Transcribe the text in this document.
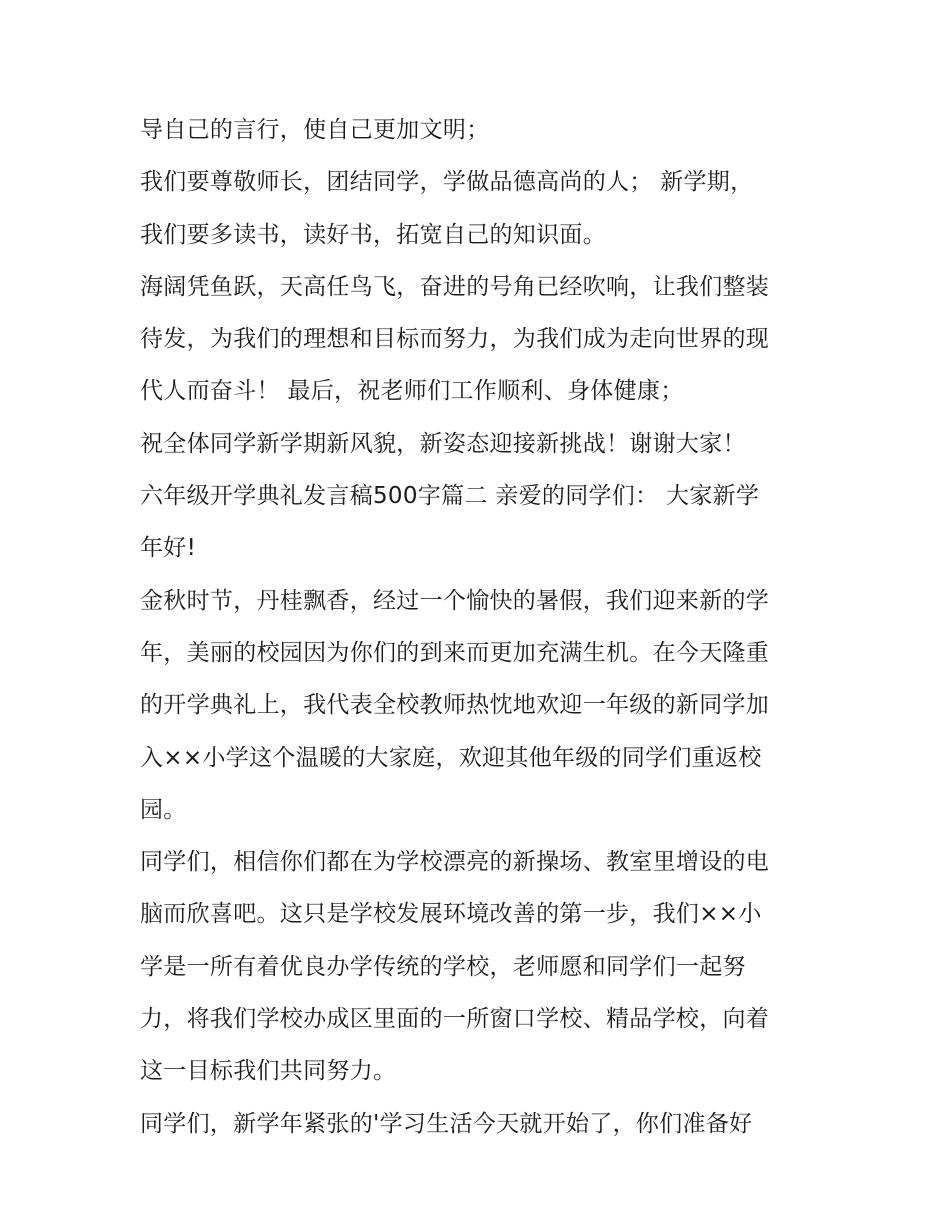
导自己的言行，使自己更加文明；
我们要尊敬师长，团结同学，学做品德高尚的人； 新学期，
我们要多读书，读好书，拓宽自己的知识面。
海阔凭鱼跃，天高任鸟飞，奋进的号角已经吹响，让我们整装
待发，为我们的理想和目标而努力，为我们成为走向世界的现
代人而奋斗！ 最后，祝老师们工作顺利、身体健康；
祝全体同学新学期新风貌，新姿态迎接新挑战！谢谢大家！
六年级开学典礼发言稿500字篇二 亲爱的同学们： 大家新学
年好!
金秋时节，丹桂飘香，经过一个愉快的暑假，我们迎来新的学
年，美丽的校园因为你们的到来而更加充满生机。在今天隆重
的开学典礼上，我代表全校教师热忱地欢迎一年级的新同学加
入××小学这个温暖的大家庭，欢迎其他年级的同学们重返校
园。
同学们，相信你们都在为学校漂亮的新操场、教室里增设的电
脑而欣喜吧。这只是学校发展环境改善的第一步，我们××小
学是一所有着优良办学传统的学校，老师愿和同学们一起努
力，将我们学校办成区里面的一所窗口学校、精品学校，向着
这一目标我们共同努力。
同学们，新学年紧张的'学习生活今天就开始了，你们准备好
